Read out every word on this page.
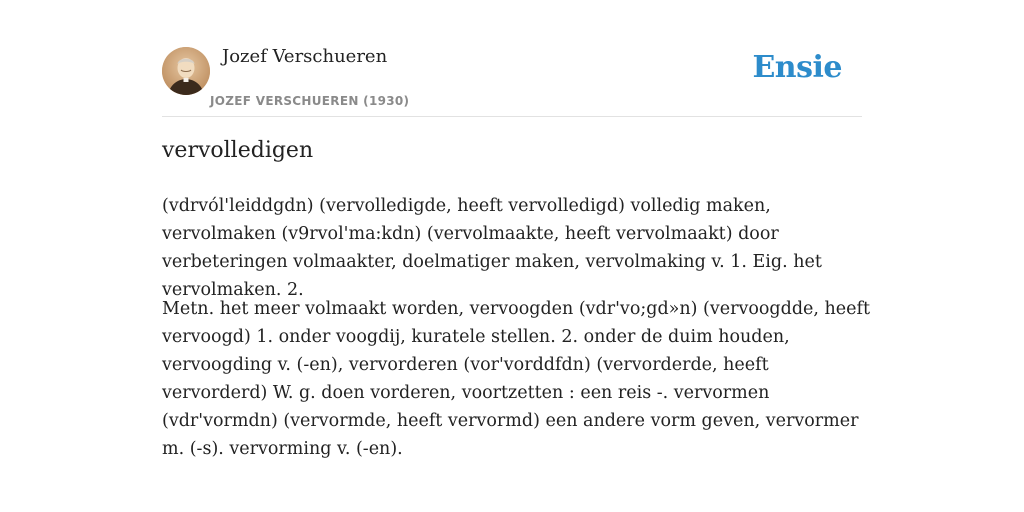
Jozef Verschueren
JOZEF VERSCHUEREN (1930)
Ensie
vervolledigen

(vdrvól'leiddgdn) (vervolledigde, heeft vervolledigd) volledig maken, vervolmaken (v9rvol'ma:kdn) (vervolmaakte, heeft vervolmaakt) door verbeteringen volmaakter, doelmatiger maken, vervolmaking v. 1. Eig. het vervolmaken. 2.

Metn. het meer volmaakt worden, vervoogden (vdr'vo;gd»n) (vervoogdde, heeft vervoogd) 1. onder voogdij, kuratele stellen. 2. onder de duim houden, vervoogding v. (-en), vervorderen (vor'vorddfdn) (vervorderde, heeft vervorderd) W. g. doen vorderen, voortzetten : een reis -. vervormen (vdr'vormdn) (vervormde, heeft vervormd) een andere vorm geven, vervormer m. (-s). vervorming v. (-en).
